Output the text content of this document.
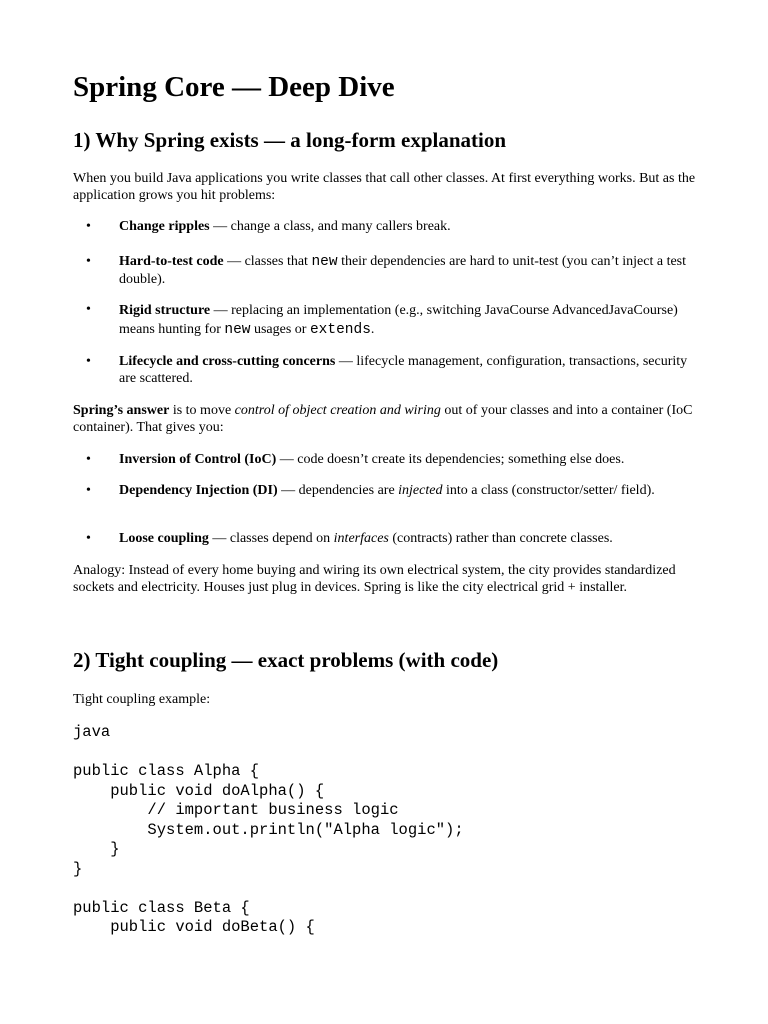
Spring Core — Deep Dive
1) Why Spring exists — a long-form explanation

When you build Java applications you write classes that call other classes. At first everything works. But as the application grows you hit problems:

• Change ripples — change a class, and many callers break.
• Hard-to-test code — classes that new their dependencies are hard to unit-test (you can’t inject a test double).
• Rigid structure — replacing an implementation (e.g., switching JavaCourse AdvancedJavaCourse) means hunting for new usages or extends.
• Lifecycle and cross-cutting concerns — lifecycle management, configuration, transactions, security are scattered.

Spring’s answer is to move control of object creation and wiring out of your classes and into a container (IoC container). That gives you:

• Inversion of Control (IoC) — code doesn’t create its dependencies; something else does.
• Dependency Injection (DI) — dependencies are injected into a class (constructor/setter/ field).
• Loose coupling — classes depend on interfaces (contracts) rather than concrete classes.

Analogy: Instead of every home buying and wiring its own electrical system, the city provides standardized sockets and electricity. Houses just plug in devices. Spring is like the city electrical grid + installer.

2) Tight coupling — exact problems (with code)

Tight coupling example:

java
public class Alpha {
public void doAlpha() {
// important business logic
System.out.println("Alpha logic");
}
}

public class Beta {
public void doBeta() {
